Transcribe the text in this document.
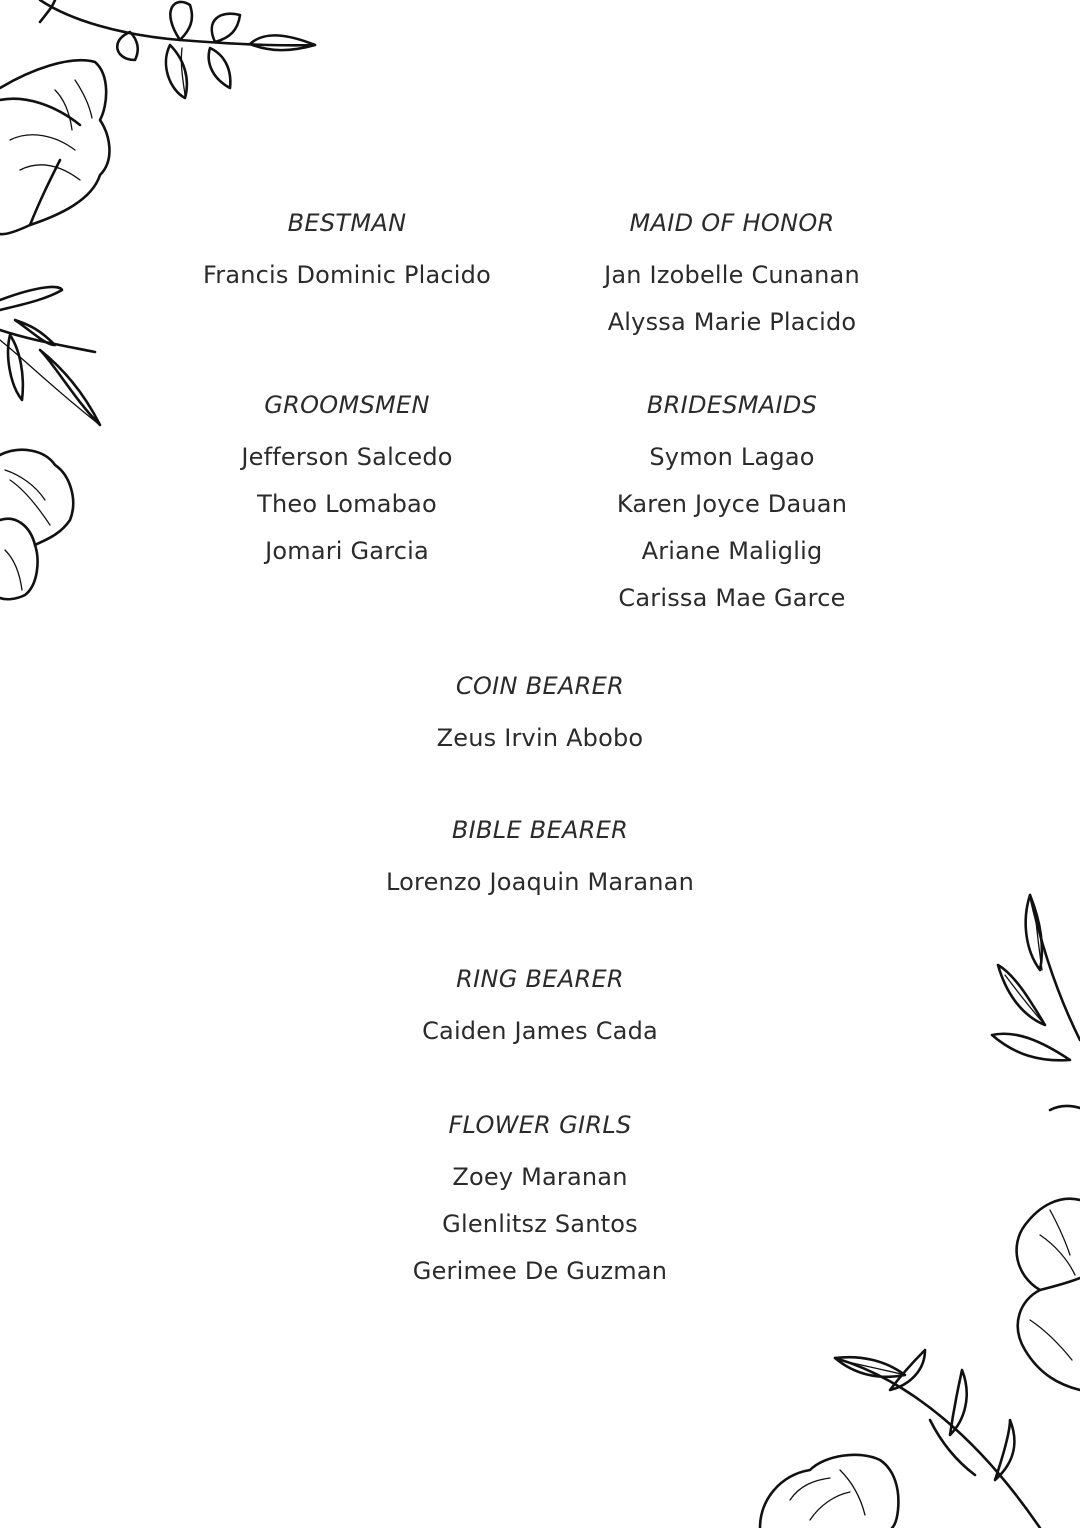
BESTMAN
Francis Dominic Placido
MAID OF HONOR
Jan Izobelle Cunanan
Alyssa Marie Placido
GROOMSMEN
Jefferson Salcedo
Theo Lomabao
Jomari Garcia
BRIDESMAIDS
Symon Lagao
Karen Joyce Dauan
Ariane Maliglig
Carissa Mae Garce
COIN BEARER
Zeus Irvin Abobo
BIBLE BEARER
Lorenzo Joaquin Maranan
RING BEARER
Caiden James Cada
FLOWER GIRLS
Zoey Maranan
Glenlitsz Santos
Gerimee De Guzman
